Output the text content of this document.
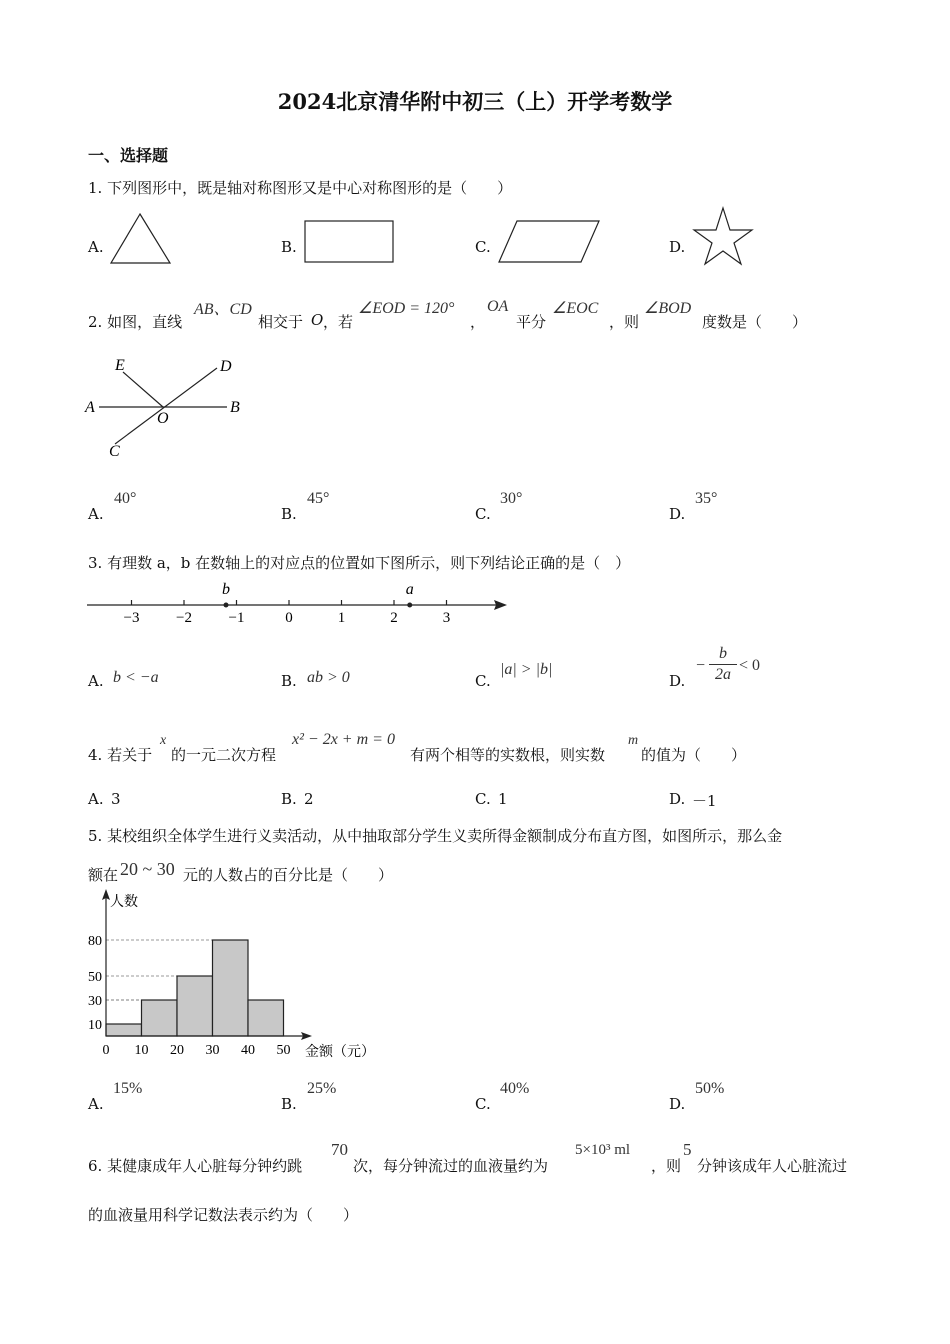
2024北京清华附中初三（上）开学考数学
一、选择题
1. 下列图形中，既是轴对称图形又是中心对称图形的是（　　）
A.	B.	C.	D.
2. 如图，直线
AB、CD
相交于 O ，若
∠EOD = 120°
，
OA
平分
∠EOC
，则
∠BOD
度数是（　　）
E	D
A
O
B
C
A.
40°
B.
45°
C.
30°
D.
35°
3. 有理数 a，b 在数轴上的对应点的位置如下图所示，则下列结论正确的是（　）
−3 −2 −1	0	1	2	3
b	a
A. b < −a	B. ab > 0	C.
|a| > |b|
D.
−
b
2a
< 0
4. 若关于
x
的一元二次方程
x² − 2x + m = 0
有两个相等的实数根，则实数
m
的值为（　　）
A. 3	B. 2	C. 1	D. －1
5. 某校组织全体学生进行义卖活动，从中抽取部分学生义卖所得金额制成分布直方图，如图所示，那么金
额在 20 ~ 30 元的人数占的百分比是（　　）
0 10 20 30 40 50
10
30
50
80
人数
金额（元）
A.
15%
B.
25%
C.
40%
D.
50%
6. 某健康成年人心脏每分钟约跳
70
次，每分钟流过的血液量约为
5×10³ ml
，则
5
分钟该成年人心脏流过
的血液量用科学记数法表示约为（　　）
